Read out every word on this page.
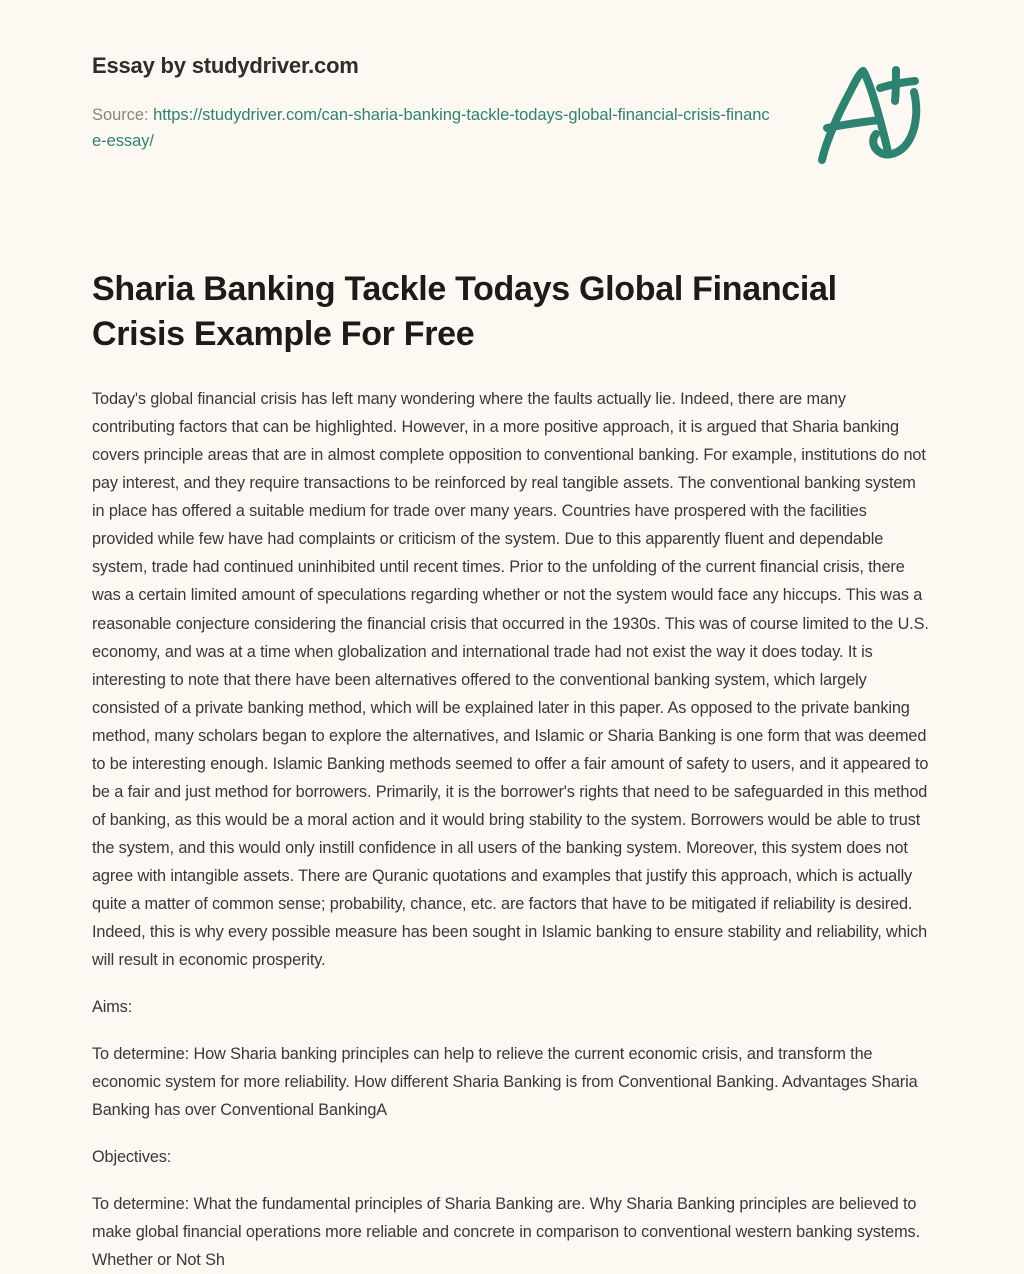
Essay by studydriver.com
Source: https://studydriver.com/can-sharia-banking-tackle-todays-global-financial-crisis-finance-essay/
Sharia Banking Tackle Todays Global Financial Crisis Example For Free

Today's global financial crisis has left many wondering where the faults actually lie. Indeed, there are many contributing factors that can be highlighted. However, in a more positive approach, it is argued that Sharia banking covers principle areas that are in almost complete opposition to conventional banking. For example, institutions do not pay interest, and they require transactions to be reinforced by real tangible assets. The conventional banking system in place has offered a suitable medium for trade over many years. Countries have prospered with the facilities provided while few have had complaints or criticism of the system. Due to this apparently fluent and dependable system, trade had continued uninhibited until recent times. Prior to the unfolding of the current financial crisis, there was a certain limited amount of speculations regarding whether or not the system would face any hiccups. This was a reasonable conjecture considering the financial crisis that occurred in the 1930s. This was of course limited to the U.S. economy, and was at a time when globalization and international trade had not exist the way it does today. It is interesting to note that there have been alternatives offered to the conventional banking system, which largely consisted of a private banking method, which will be explained later in this paper. As opposed to the private banking method, many scholars began to explore the alternatives, and Islamic or Sharia Banking is one form that was deemed to be interesting enough. Islamic Banking methods seemed to offer a fair amount of safety to users, and it appeared to be a fair and just method for borrowers. Primarily, it is the borrower's rights that need to be safeguarded in this method of banking, as this would be a moral action and it would bring stability to the system. Borrowers would be able to trust the system, and this would only instill confidence in all users of the banking system. Moreover, this system does not agree with intangible assets. There are Quranic quotations and examples that justify this approach, which is actually quite a matter of common sense; probability, chance, etc. are factors that have to be mitigated if reliability is desired. Indeed, this is why every possible measure has been sought in Islamic banking to ensure stability and reliability, which will result in economic prosperity.

Aims:

To determine: How Sharia banking principles can help to relieve the current economic crisis, and transform the economic system for more reliability. How different Sharia Banking is from Conventional Banking. Advantages Sharia Banking has over Conventional BankingA

Objectives:

To determine: What the fundamental principles of Sharia Banking are. Why Sharia Banking principles are believed to make global financial operations more reliable and concrete in comparison to conventional western banking systems. Whether or Not Sh
